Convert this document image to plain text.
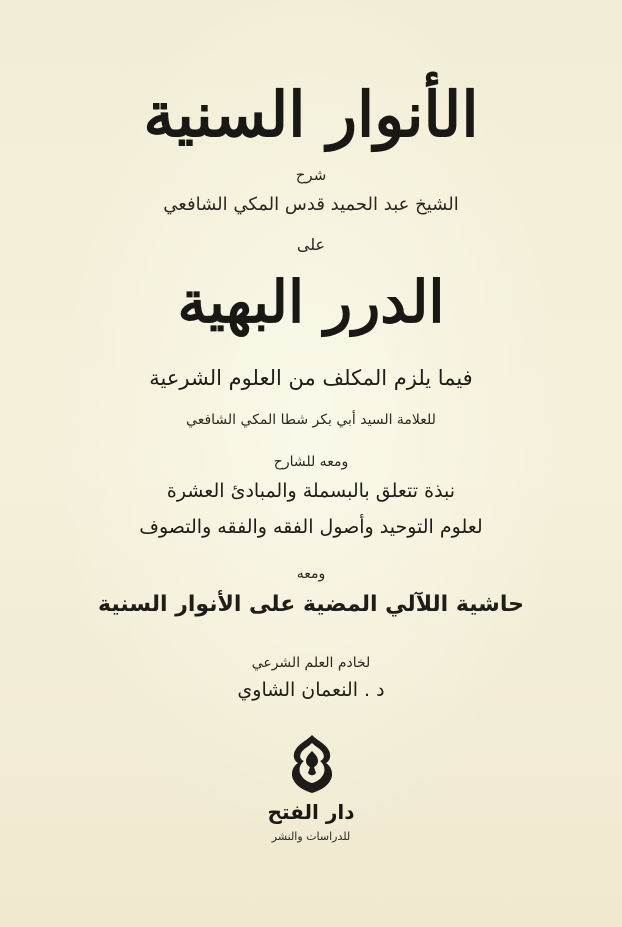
الأنوار السنية
شرح
الشيخ عبد الحميد قدس المكي الشافعي
على
الدرر البهية
فيما يلزم المكلف من العلوم الشرعية
للعلامة السيد أبي بكر شطا المكي الشافعي
ومعه للشارح
نبذة تتعلق بالبسملة والمبادئ العشرة
لعلوم التوحيد وأصول الفقه والفقه والتصوف
ومعه
حاشية اللآلي المضية على الأنوار السنية
لخادم العلم الشرعي
د . النعمان الشاوي
دار الفتح
للدراسات والنشر
